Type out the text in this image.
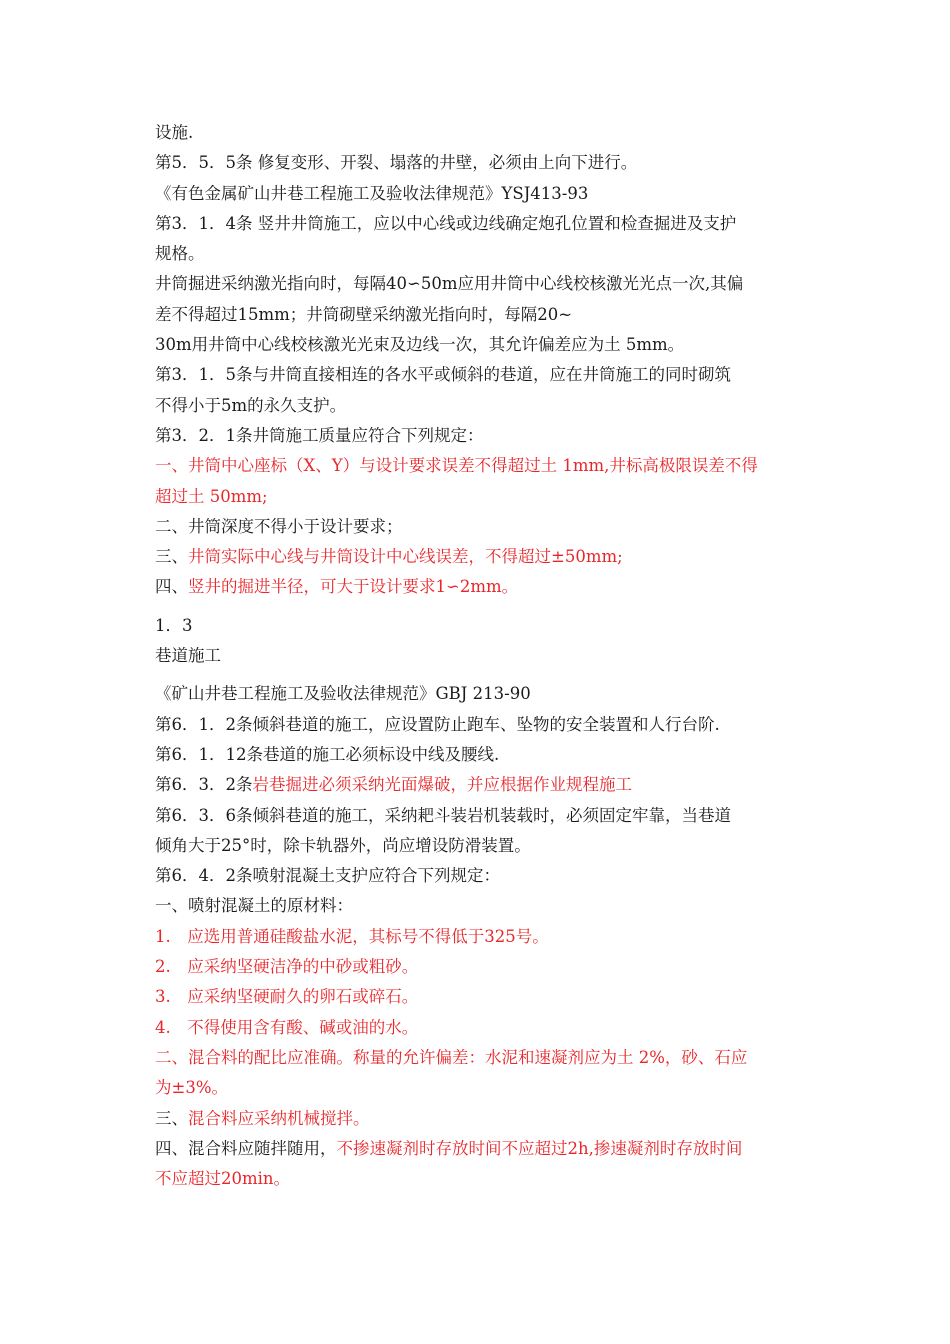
设施.
第5．5．5条 修复变形、开裂、塌落的井壁，必须由上向下进行。
《有色金属矿山井巷工程施工及验收法律规范》YSJ413-93
第3．1．4条 竖井井筒施工，应以中心线或边线确定炮孔位置和检查掘进及支护
规格。
井筒掘进采纳激光指向时，每隔40∽50m应用井筒中心线校核激光光点一次,其偏
差不得超过15mm；井筒砌壁采纳激光指向时，每隔20~
30m用井筒中心线校核激光光束及边线一次，其允许偏差应为土 5mm。
第3．1．5条与井筒直接相连的各水平或倾斜的巷道，应在井筒施工的同时砌筑
不得小于5m的永久支护。
第3．2．1条井筒施工质量应符合下列规定：
一、井筒中心座标（X、Y）与设计要求误差不得超过土 1mm,井标高极限误差不得
超过土 50mm;
二、井筒深度不得小于设计要求；
三、井筒实际中心线与井筒设计中心线误差，不得超过±50mm;
四、竖井的掘进半径，可大于设计要求1∽2mm。
1．3
巷道施工
《矿山井巷工程施工及验收法律规范》GBJ 213-90
第6．1．2条倾斜巷道的施工，应设置防止跑车、坠物的安全装置和人行台阶.
第6．1．12条巷道的施工必须标设中线及腰线.
第6．3．2条岩巷掘进必须采纳光面爆破，并应根据作业规程施工
第6．3．6条倾斜巷道的施工，采纳耙斗装岩机装载时，必须固定牢靠，当巷道
倾角大于25°时，除卡轨器外，尚应增设防滑装置。
第6．4．2条喷射混凝土支护应符合下列规定：
一、喷射混凝土的原材料：
1.　应选用普通硅酸盐水泥，其标号不得低于325号。
2.　应采纳坚硬洁净的中砂或粗砂。
3.　应采纳坚硬耐久的卵石或碎石。
4.　不得使用含有酸、碱或油的水。
二、混合料的配比应准确。称量的允许偏差：水泥和速凝剂应为土 2%，砂、石应
为±3%。
三、混合料应采纳机械搅拌。
四、混合料应随拌随用，不掺速凝剂时存放时间不应超过2h,掺速凝剂时存放时间
不应超过20min。
